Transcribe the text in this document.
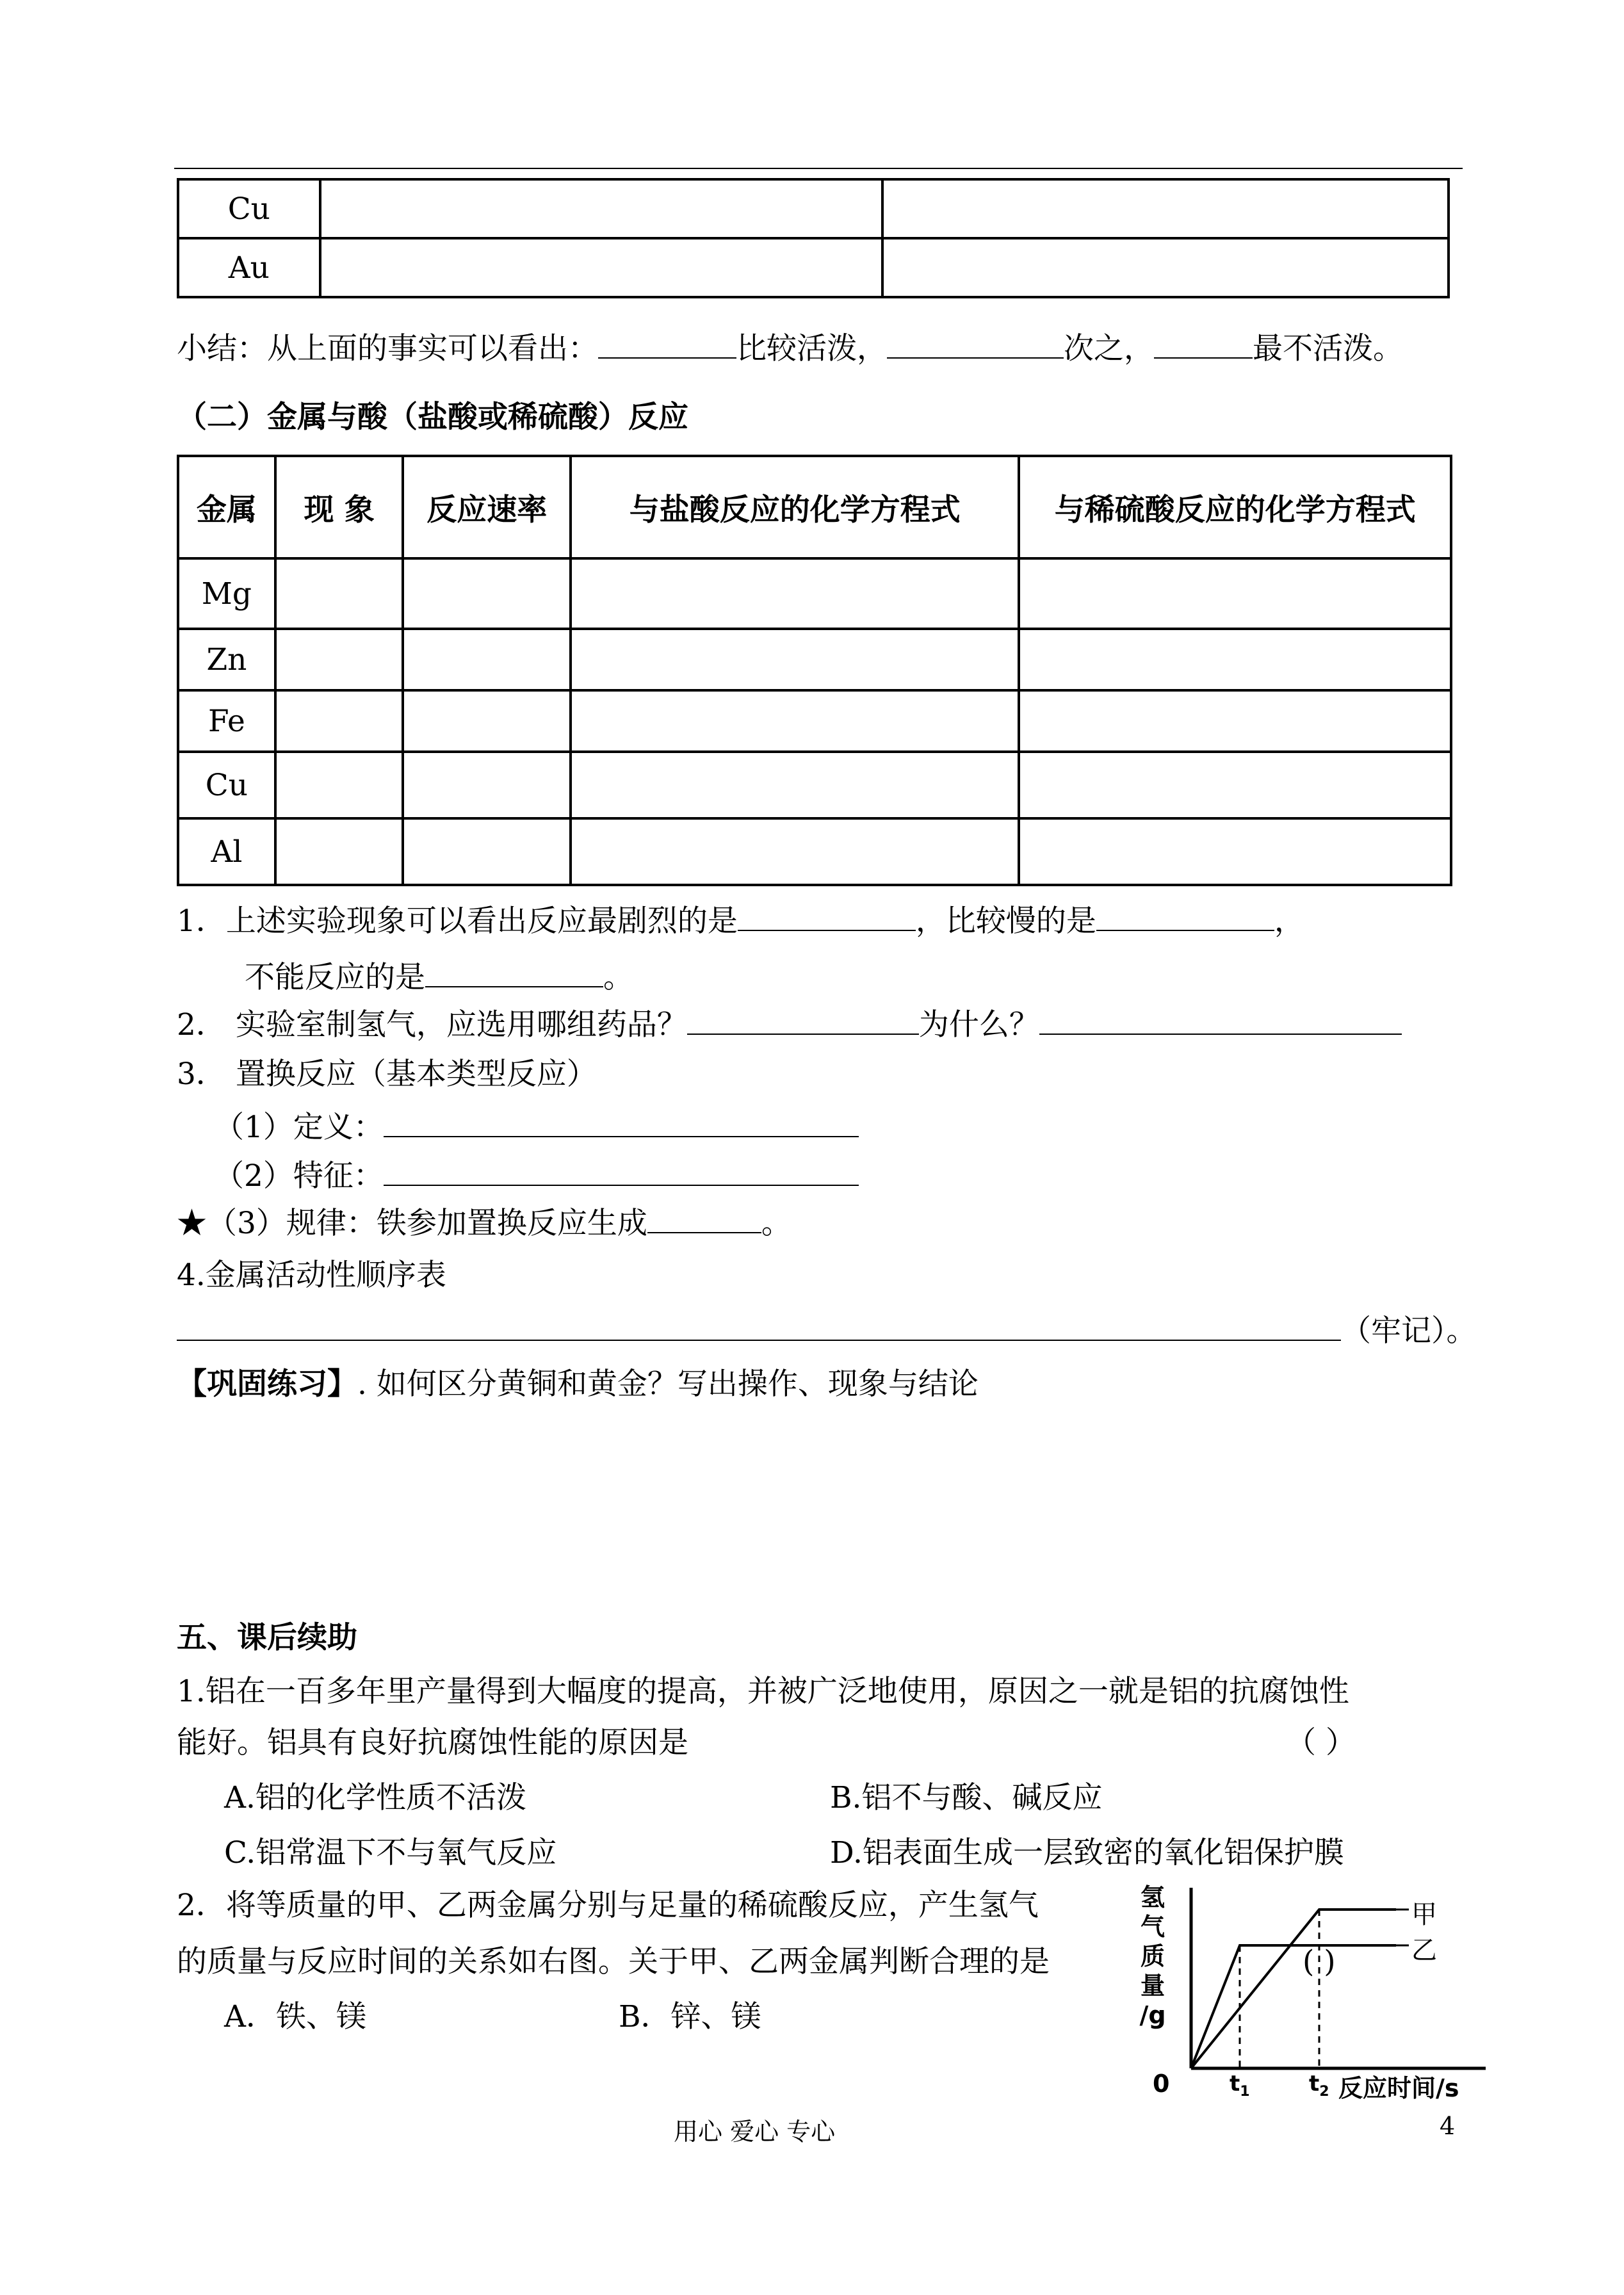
Cu		
Au		
小结：从上面的事实可以看出：	比较活泼，	次之，	最不活泼。
（二）金属与酸（盐酸或稀硫酸）反应
金属	现 象	反应速率	与盐酸反应的化学方程式	与稀硫酸反应的化学方程式
Mg				
Zn				
Fe				
Cu				
Al				
1．上述实验现象可以看出反应最剧烈的是	，比较慢的是	，
不能反应的是	。
2． 实验室制氢气，应选用哪组药品？	为什么？
3． 置换反应（基本类型反应）
（1）定义：
（2）特征：
★（3）规律：铁参加置换反应生成	。
4.金属活动性顺序表
（牢记）。
【巩固练习】. 如何区分黄铜和黄金？写出操作、现象与结论
五、课后续助
1.铝在一百多年里产量得到大幅度的提高，并被广泛地使用，原因之一就是铝的抗腐蚀性
能好。铝具有良好抗腐蚀性能的原因是	（ ）
A.铝的化学性质不活泼	B.铝不与酸、碱反应
C.铝常温下不与氧气反应	D.铝表面生成一层致密的氧化铝保护膜
2．将等质量的甲、乙两金属分别与足量的稀硫酸反应，产生氢气
的质量与反应时间的关系如右图。关于甲、乙两金属判断合理的是	( )
A．铁、镁	B．锌、镁
氢
气
质
量
/g
0	$t_1$	$t_2$ 反应时间/s
甲
乙
用心 爱心 专心	4
